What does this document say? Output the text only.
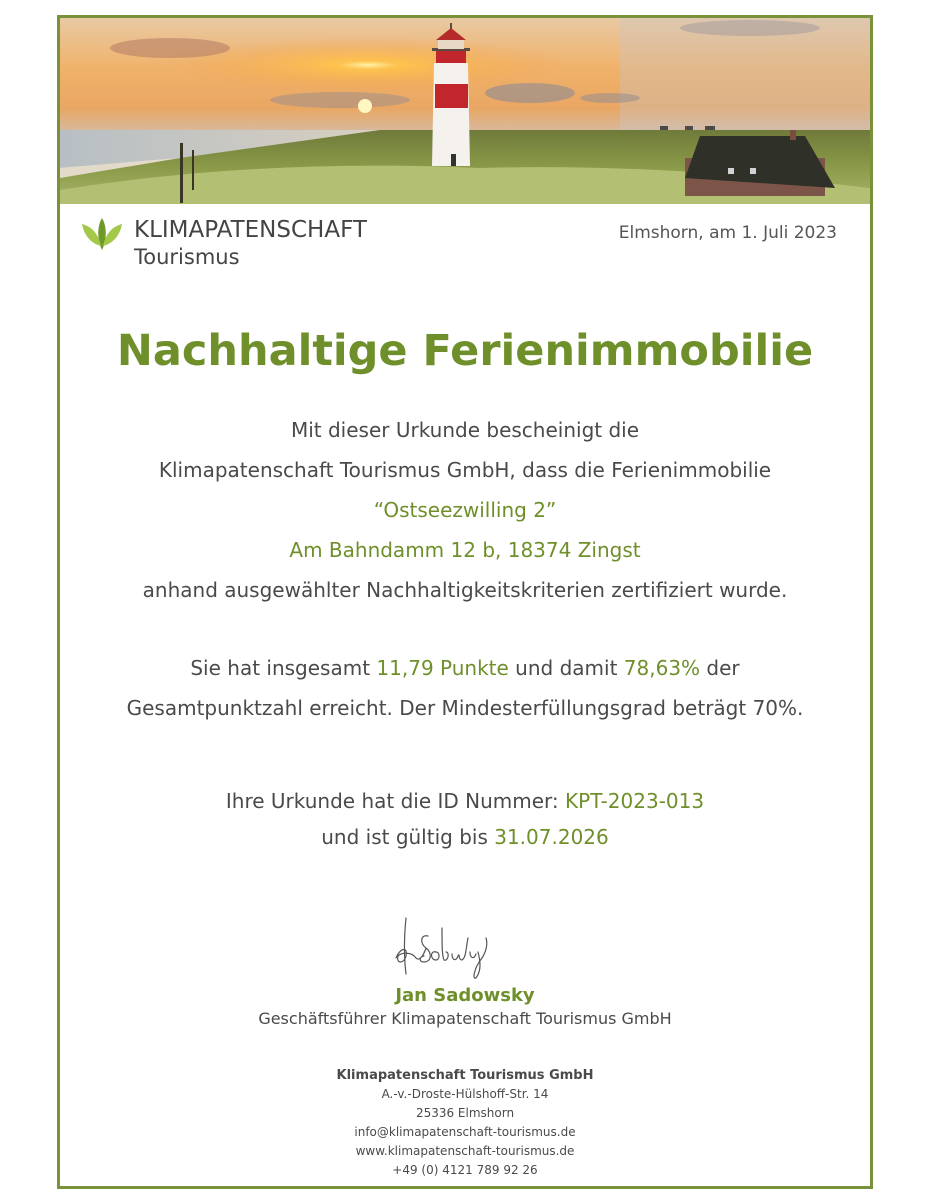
KLIMAPATENSCHAFT
Tourismus
Elmshorn, am 1. Juli 2023
Nachhaltige Ferienimmobilie
Mit dieser Urkunde bescheinigt die
Klimapatenschaft Tourismus GmbH, dass die Ferienimmobilie
“Ostseezwilling 2”
Am Bahndamm 12 b, 18374 Zingst
anhand ausgewählter Nachhaltigkeitskriterien zertifiziert wurde.
Sie hat insgesamt 11,79 Punkte und damit 78,63% der
Gesamtpunktzahl erreicht. Der Mindesterfüllungsgrad beträgt 70%.
Ihre Urkunde hat die ID Nummer: KPT-2023-013
und ist gültig bis 31.07.2026
Jan Sadowsky
Geschäftsführer Klimapatenschaft Tourismus GmbH
Klimapatenschaft Tourismus GmbH
A.-v.-Droste-Hülshoff-Str. 14
25336 Elmshorn
info@klimapatenschaft-tourismus.de
www.klimapatenschaft-tourismus.de
+49 (0) 4121 789 92 26
